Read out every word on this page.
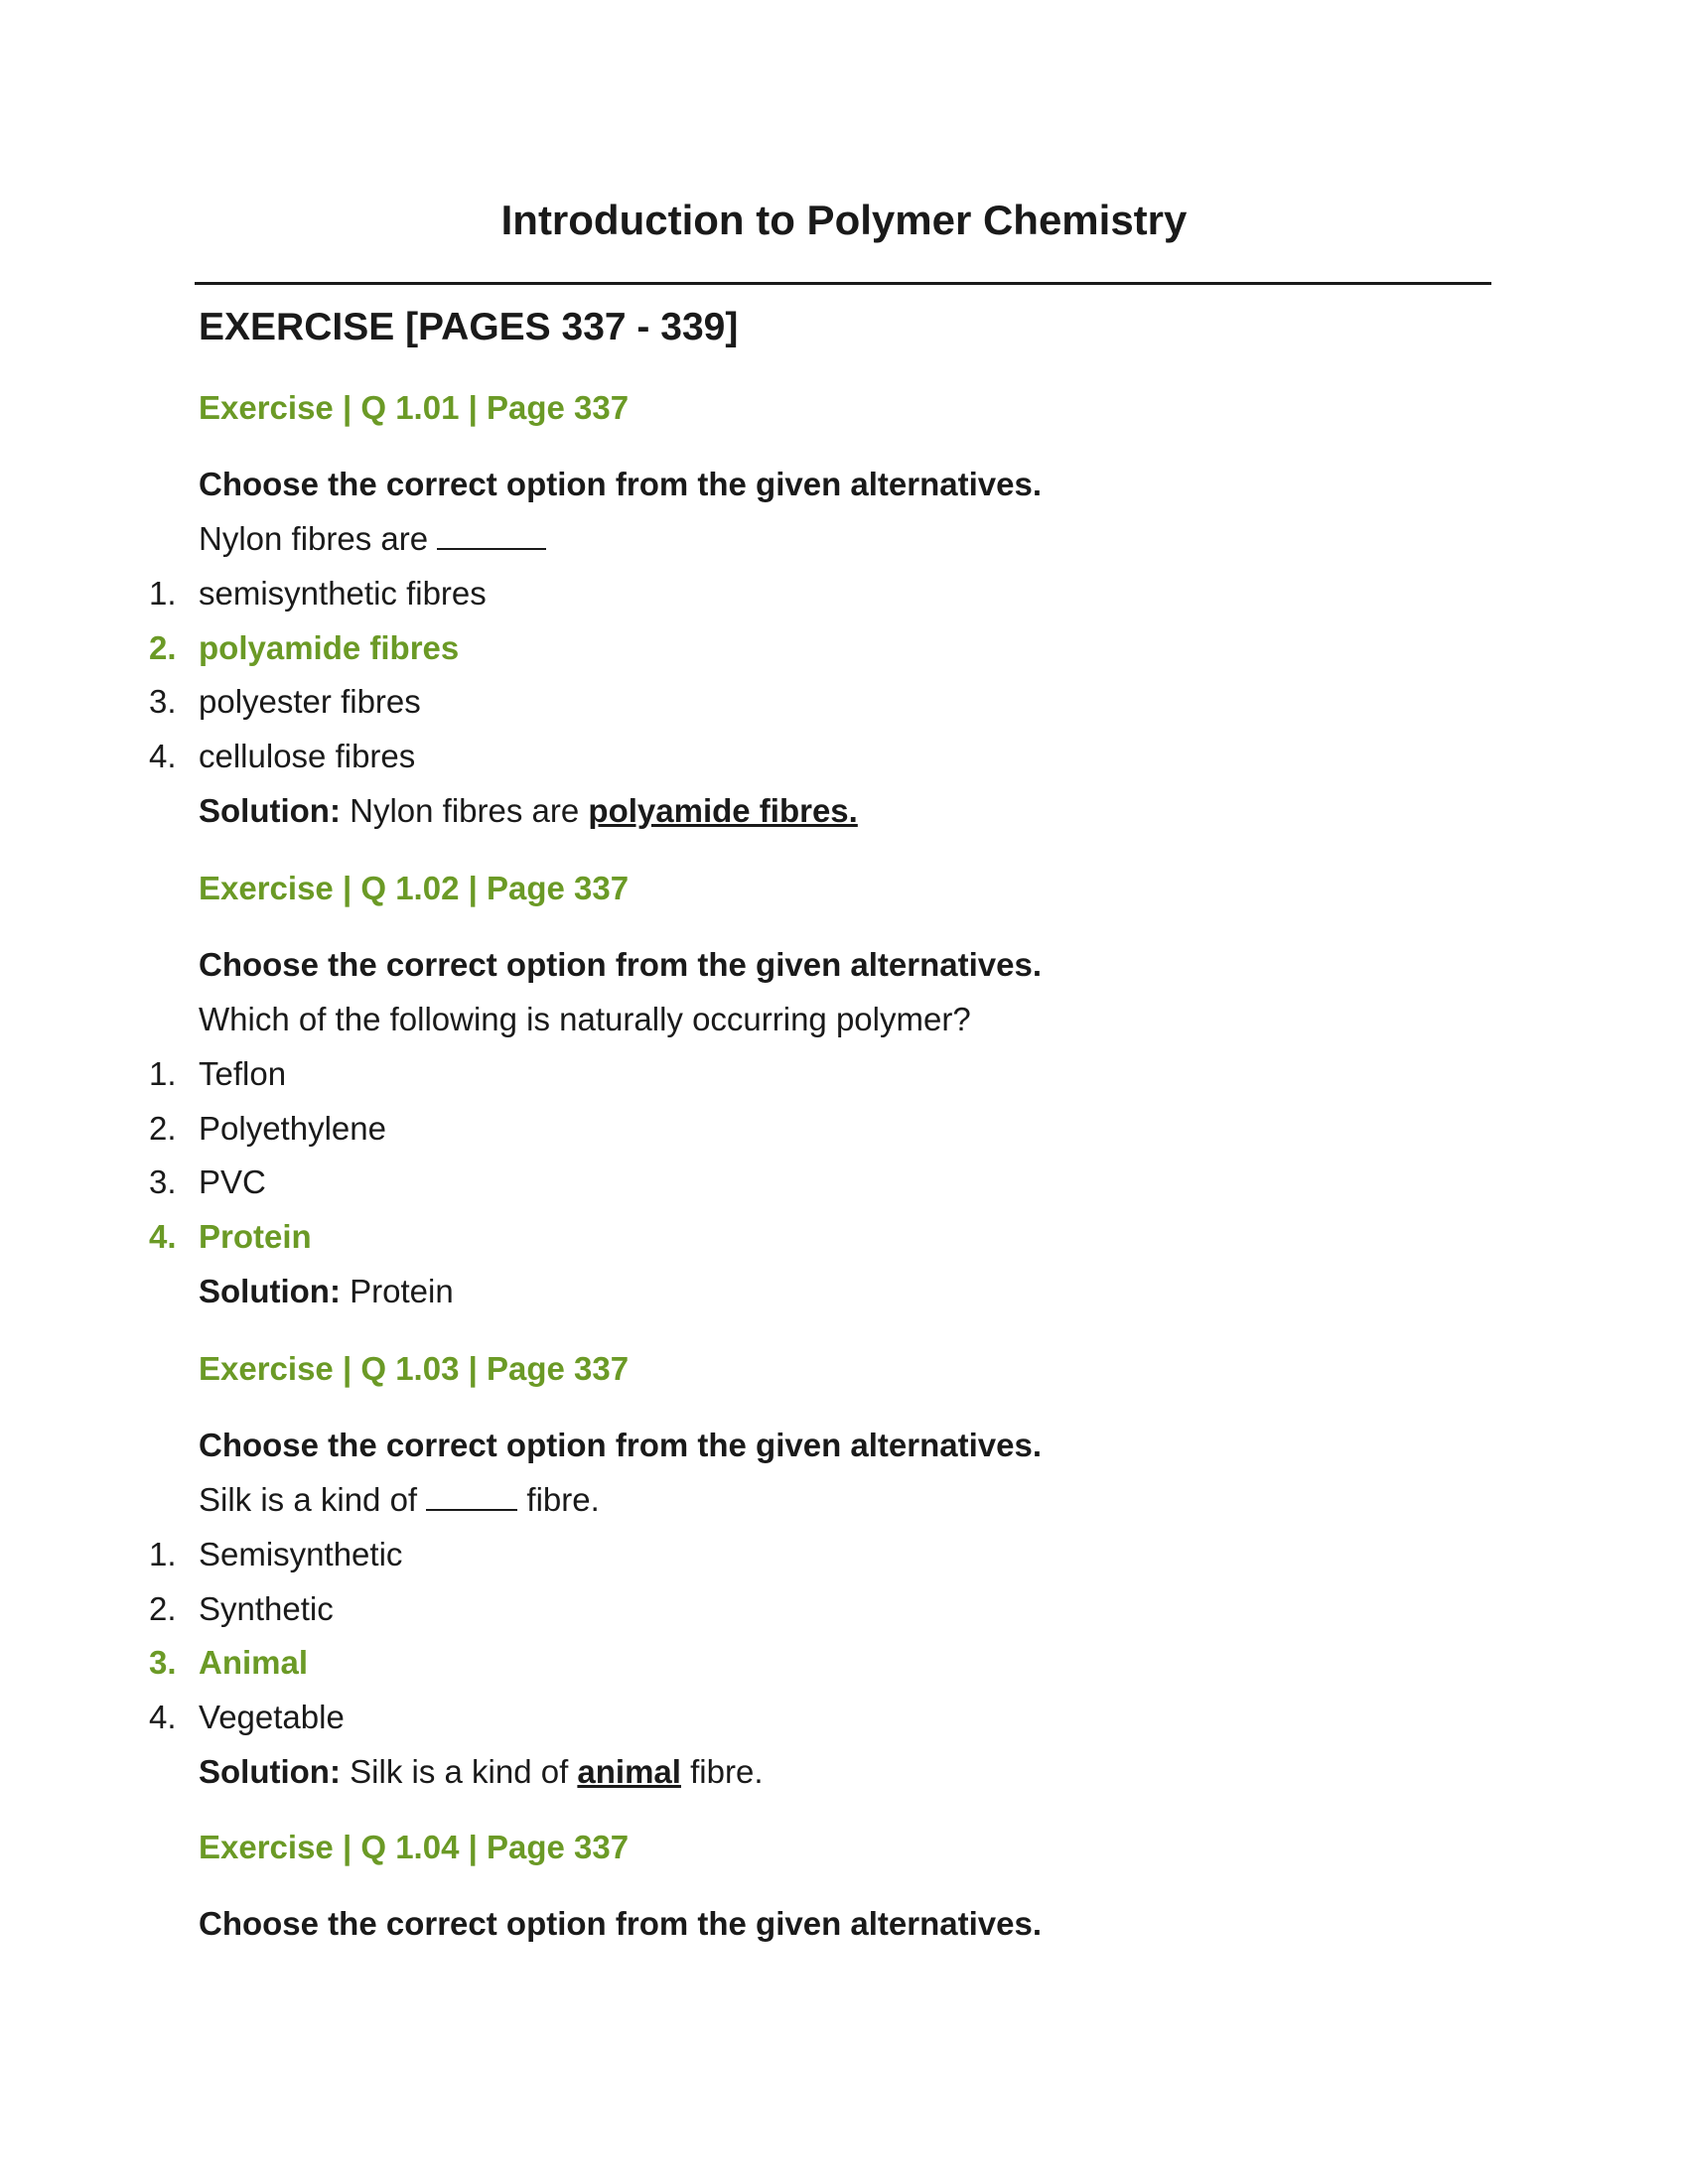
Introduction to Polymer Chemistry
EXERCISE [PAGES 337 - 339]
Exercise | Q 1.01 | Page 337
Choose the correct option from the given alternatives.
Nylon fibres are
1. semisynthetic fibres
2. polyamide fibres
3. polyester fibres
4. cellulose fibres
Solution: Nylon fibres are polyamide fibres.
Exercise | Q 1.02 | Page 337
Choose the correct option from the given alternatives.
Which of the following is naturally occurring polymer?
1. Teflon
2. Polyethylene
3. PVC
4. Protein
Solution: Protein
Exercise | Q 1.03 | Page 337
Choose the correct option from the given alternatives.
Silk is a kind of	fibre.
1. Semisynthetic
2. Synthetic
3. Animal
4. Vegetable
Solution: Silk is a kind of animal fibre.
Exercise | Q 1.04 | Page 337
Choose the correct option from the given alternatives.
